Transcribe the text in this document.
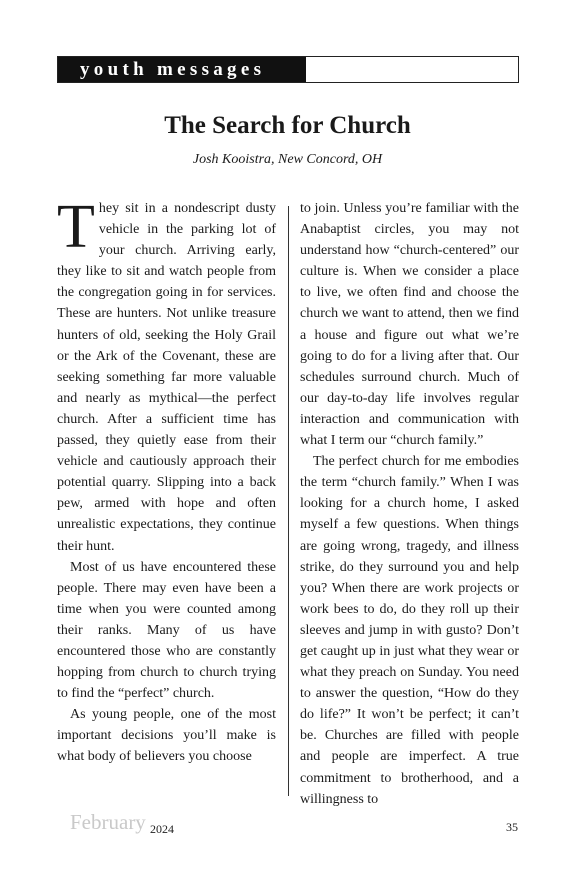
youth messages
The Search for Church
Josh Kooistra, New Concord, OH

They sit in a nondescript dusty vehicle in the parking lot of your church. Arriving early, they like to sit and watch people from the congregation going in for services. These are hunters. Not unlike treasure hunters of old, seeking the Holy Grail or the Ark of the Covenant, these are seeking something far more valuable and nearly as mythical—the perfect church. After a sufficient time has passed, they quietly ease from their vehicle and cautiously approach their potential quarry. Slipping into a back pew, armed with hope and often unrealistic expectations, they continue their hunt.

Most of us have encountered these people. There may even have been a time when you were counted among their ranks. Many of us have encountered those who are constantly hopping from church to church trying to find the “perfect” church.

As young people, one of the most important decisions you’ll make is what body of believers you choose

to join. Unless you’re familiar with the Anabaptist circles, you may not understand how “church-centered” our culture is. When we consider a place to live, we often find and choose the church we want to attend, then we find a house and figure out what we’re going to do for a living after that. Our schedules surround church. Much of our day-to-day life involves regular interaction and communication with what I term our “church family.”

The perfect church for me embodies the term “church family.” When I was looking for a church home, I asked myself a few questions. When things are going wrong, tragedy, and illness strike, do they surround you and help you? When there are work projects or work bees to do, do they roll up their sleeves and jump in with gusto? Don’t get caught up in just what they wear or what they preach on Sunday. You need to answer the question, “How do they do life?” It won’t be perfect; it can’t be. Churches are filled with people and people are imperfect. A true commitment to brotherhood, and a willingness to

February 2024	35
